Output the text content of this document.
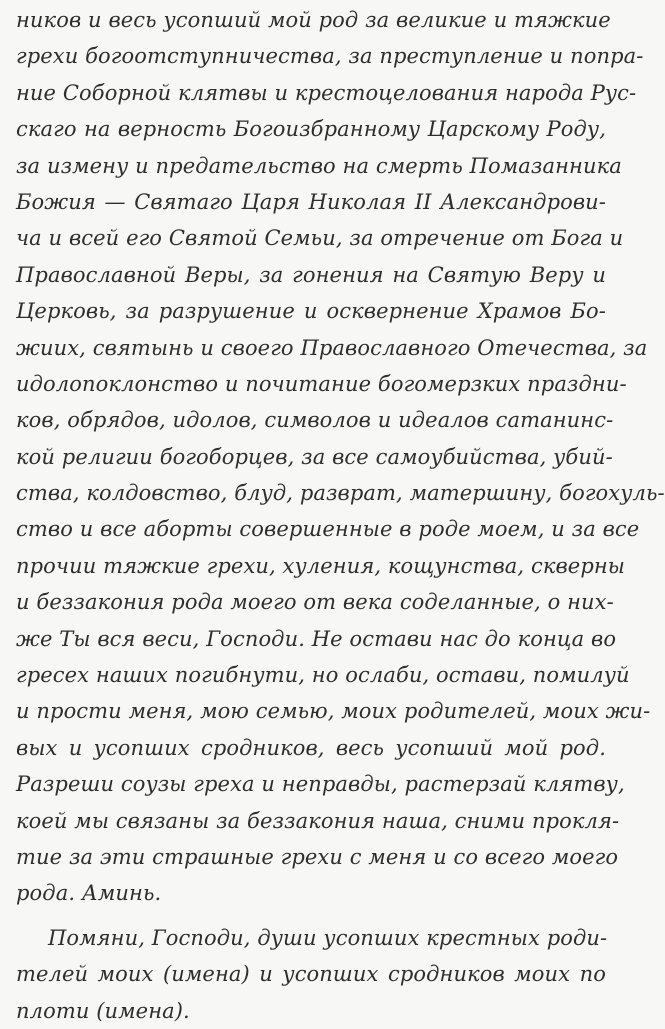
ников и весь усопший мой род за великие и тяжкие
грехи богоотступничества, за преступление и попра-
ние Соборной клятвы и крестоцелования народа Рус-
скаго на верность Богоизбранному Царскому Роду,
за измену и предательство на смерть Помазанника
Божия — Святаго Царя Николая II Александрови-
ча и всей его Святой Семьи, за отречение от Бога и
Православной Веры, за гонения на Святую Веру и
Церковь, за разрушение и осквернение Храмов Бо-
жиих, святынь и своего Православного Отечества, за
идолопоклонство и почитание богомерзких праздни-
ков, обрядов, идолов, символов и идеалов сатанинс-
кой религии богоборцев, за все самоубийства, убий-
ства, колдовство, блуд, разврат, матершину, богохуль-
ство и все аборты совершенные в роде моем, и за все
прочии тяжкие грехи, хуления, кощунства, скверны
и беззакония рода моего от века соделанные, о них-
же Ты вся веси, Господи. Не остави нас до конца во
гресех наших погибнути, но ослаби, остави, помилуй
и прости меня, мою семью, моих родителей, моих жи-
вых и усопших сродников, весь усопший мой род.
Разреши соузы греха и неправды, растерзай клятву,
коей мы связаны за беззакония наша, сними прокля-
тие за эти страшные грехи с меня и со всего моего
рода. Аминь.
Помяни, Господи, души усопших крестных роди-
телей моих (имена) и усопших сродников моих по
плоти (имена).
